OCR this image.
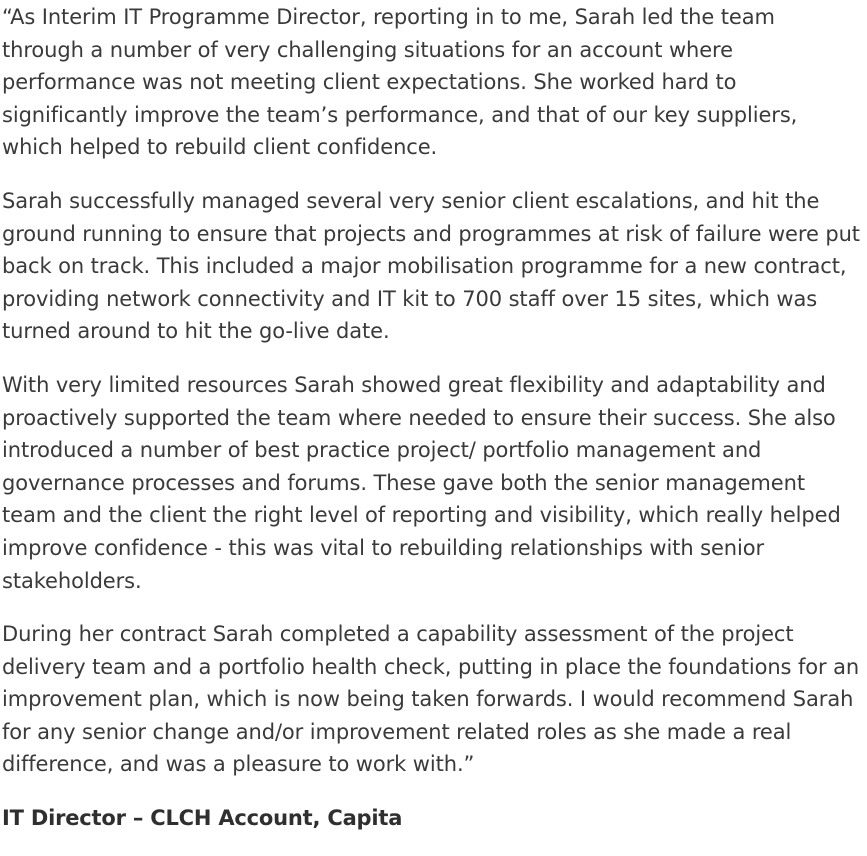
“As Interim IT Programme Director, reporting in to me, Sarah led the team through a number of very challenging situations for an account where performance was not meeting client expectations. She worked hard to significantly improve the team’s performance, and that of our key suppliers, which helped to rebuild client confidence.

Sarah successfully managed several very senior client escalations, and hit the ground running to ensure that projects and programmes at risk of failure were put back on track. This included a major mobilisation programme for a new contract, providing network connectivity and IT kit to 700 staff over 15 sites, which was turned around to hit the go-live date.

With very limited resources Sarah showed great flexibility and adaptability and proactively supported the team where needed to ensure their success. She also introduced a number of best practice project/ portfolio management and governance processes and forums. These gave both the senior management team and the client the right level of reporting and visibility, which really helped improve confidence - this was vital to rebuilding relationships with senior stakeholders.

During her contract Sarah completed a capability assessment of the project delivery team and a portfolio health check, putting in place the foundations for an improvement plan, which is now being taken forwards. I would recommend Sarah for any senior change and/or improvement related roles as she made a real difference, and was a pleasure to work with.”

IT Director – CLCH Account, Capita
